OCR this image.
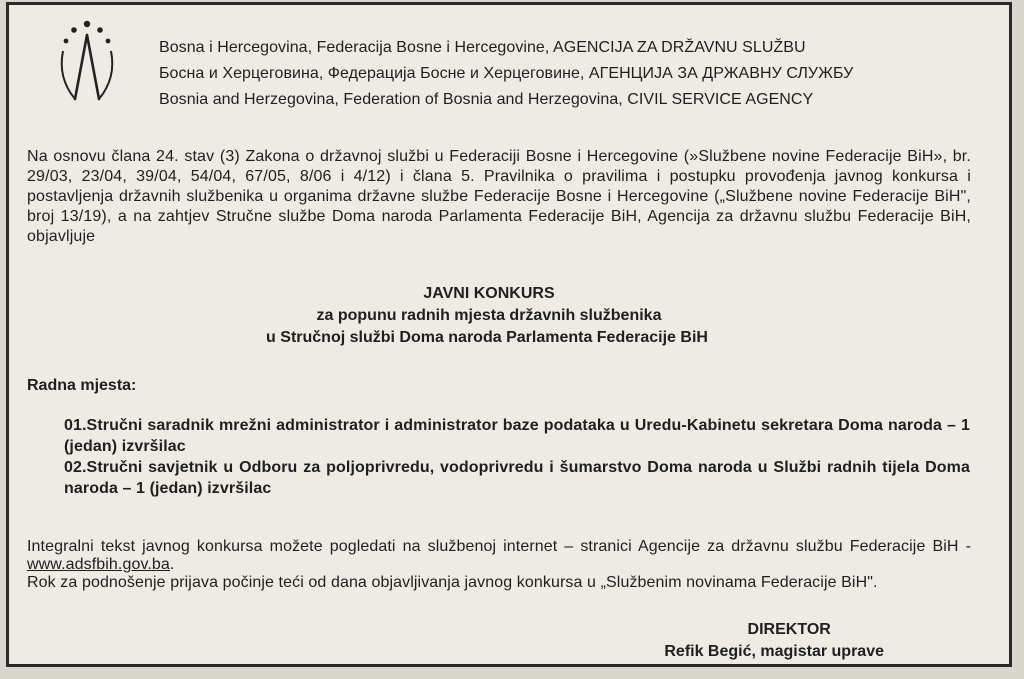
Bosna i Hercegovina, Federacija Bosne i Hercegovine, AGENCIJA ZA DRŽAVNU SLUŽBU
Босна и Херцеговина, Федерација Босне и Херцеговине, АГЕНЦИЈА ЗА ДРЖАВНУ СЛУЖБУ
Bosnia and Herzegovina, Federation of Bosnia and Herzegovina, CIVIL SERVICE AGENCY
Na osnovu člana 24. stav (3) Zakona o državnoj službi u Federaciji Bosne i Hercegovine (»Službene novine Federacije BiH», br. 29/03, 23/04, 39/04, 54/04, 67/05, 8/06 i 4/12) i člana 5. Pravilnika o pravilima i postupku provođenja javnog konkursa i postavljenja državnih službenika u organima državne službe Federacije Bosne i Hercegovine („Službene novine Federacije BiH", broj 13/19), a na zahtjev Stručne službe Doma naroda Parlamenta Federacije BiH, Agencija za državnu službu Federacije BiH, objavljuje
JAVNI KONKURS
za popunu radnih mjesta državnih službenika
u Stručnoj službi Doma naroda Parlamenta Federacije BiH
Radna mjesta:
01.Stručni saradnik mrežni administrator i administrator baze podataka u Uredu-Kabinetu sekretara Doma naroda – 1 (jedan) izvršilac
02.Stručni savjetnik u Odboru za poljoprivredu, vodoprivredu i šumarstvo Doma naroda u Službi radnih tijela Doma naroda – 1 (jedan) izvršilac
Integralni tekst javnog konkursa možete pogledati na službenoj internet – stranici Agencije za državnu službu Federacije BiH - www.adsfbih.gov.ba.
Rok za podnošenje prijava počinje teći od dana objavljivanja javnog konkursa u „Službenim novinama Federacije BiH".
DIREKTOR
Refik Begić, magistar uprave
